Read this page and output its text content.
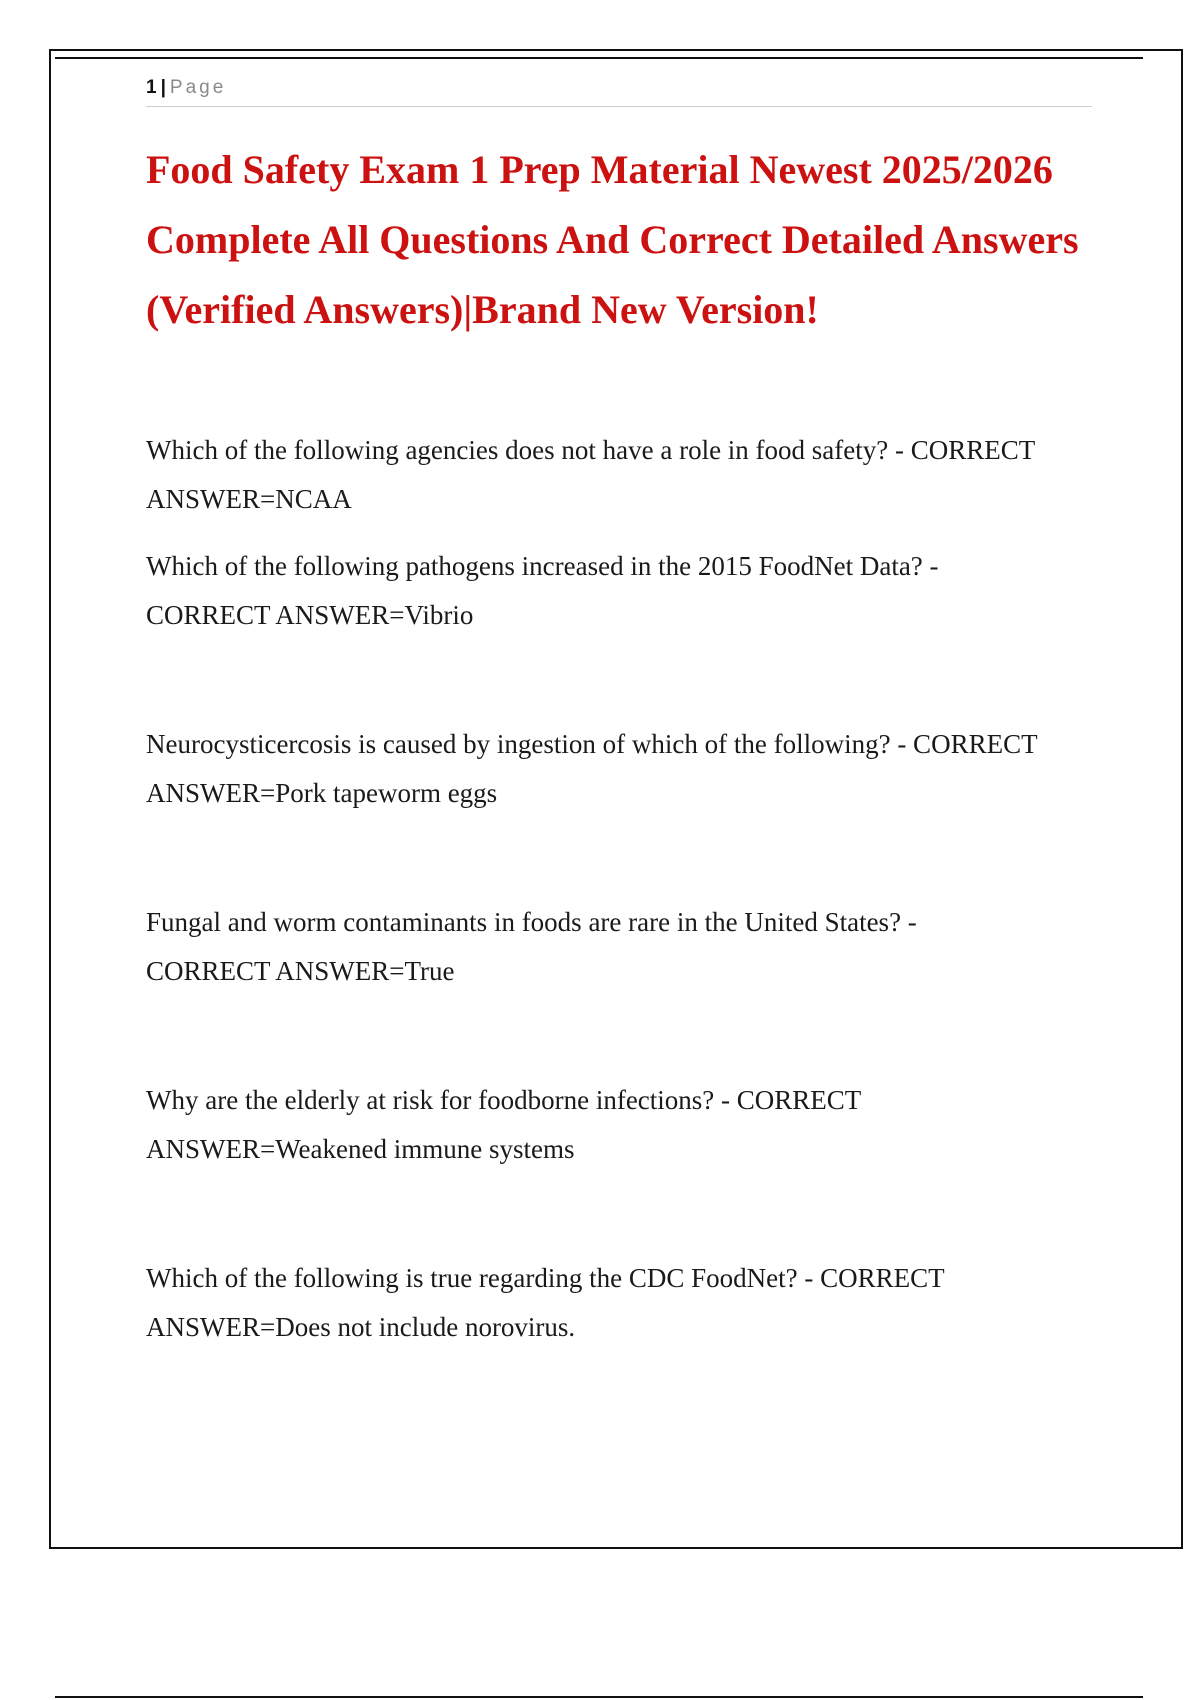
1 | Page
Food Safety Exam 1 Prep Material Newest 2025/2026
Complete All Questions And Correct Detailed Answers
(Verified Answers)|Brand New Version!
Which of the following agencies does not have a role in food safety? - CORRECT
ANSWER=NCAA
Which of the following pathogens increased in the 2015 FoodNet Data? -
CORRECT ANSWER=Vibrio
Neurocysticercosis is caused by ingestion of which of the following? - CORRECT
ANSWER=Pork tapeworm eggs
Fungal and worm contaminants in foods are rare in the United States? -
CORRECT ANSWER=True
Why are the elderly at risk for foodborne infections? - CORRECT
ANSWER=Weakened immune systems
Which of the following is true regarding the CDC FoodNet? - CORRECT
ANSWER=Does not include norovirus.
